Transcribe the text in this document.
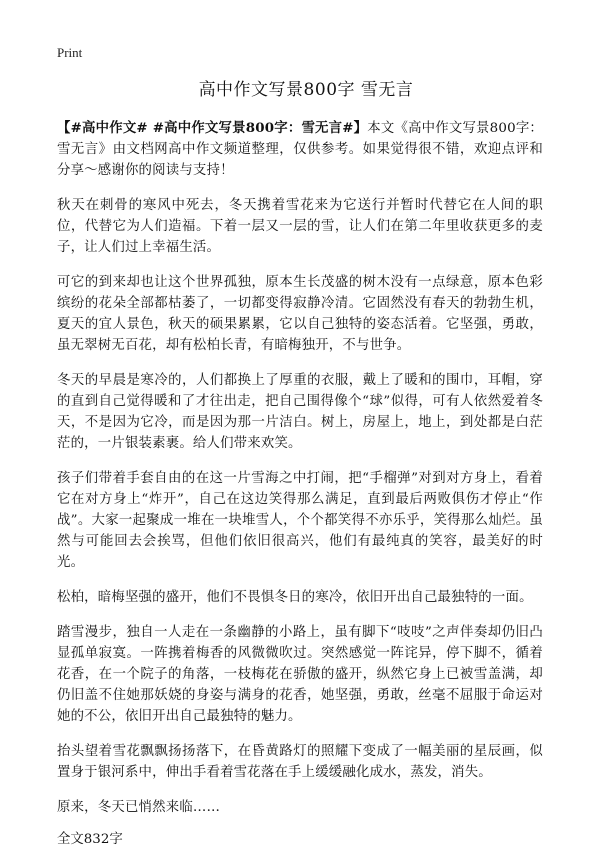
Print
高中作文写景800字 雪无言

【#高中作文# #高中作文写景800字：雪无言#】本文《高中作文写景800字：雪无言》由文档网高中作文频道整理，仅供参考。如果觉得很不错，欢迎点评和分享～感谢你的阅读与支持！

秋天在刺骨的寒风中死去，冬天携着雪花来为它送行并暂时代替它在人间的职位，代替它为人们造福。下着一层又一层的雪，让人们在第二年里收获更多的麦子，让人们过上幸福生活。

可它的到来却也让这个世界孤独，原本生长茂盛的树木没有一点绿意，原本色彩缤纷的花朵全部都枯萎了，一切都变得寂静冷清。它固然没有春天的勃勃生机，夏天的宜人景色，秋天的硕果累累，它以自己独特的姿态活着。它坚强，勇敢，虽无翠树无百花，却有松柏长青，有暗梅独开，不与世争。

冬天的早晨是寒冷的，人们都换上了厚重的衣服，戴上了暖和的围巾，耳帽，穿的直到自己觉得暖和了才往出走，把自己围得像个“球”似得，可有人依然爱着冬天，不是因为它冷，而是因为那一片洁白。树上，房屋上，地上，到处都是白茫茫的，一片银装素裹。给人们带来欢笑。

孩子们带着手套自由的在这一片雪海之中打闹，把“手榴弹”对到对方身上，看着它在对方身上“炸开”，自己在这边笑得那么满足，直到最后两败俱伤才停止“作战”。大家一起聚成一堆在一块堆雪人，个个都笑得不亦乐乎，笑得那么灿烂。虽然与可能回去会挨骂，但他们依旧很高兴，他们有最纯真的笑容，最美好的时光。

松柏，暗梅坚强的盛开，他们不畏惧冬日的寒冷，依旧开出自己最独特的一面。

踏雪漫步，独自一人走在一条幽静的小路上，虽有脚下“吱吱”之声伴奏却仍旧凸显孤单寂寞。一阵携着梅香的风微微吹过。突然感觉一阵诧异，停下脚不，循着花香，在一个院子的角落，一枝梅花在骄傲的盛开，纵然它身上已被雪盖满，却仍旧盖不住她那妖娆的身姿与满身的花香，她坚强，勇敢，丝毫不屈服于命运对她的不公，依旧开出自己最独特的魅力。

抬头望着雪花飘飘扬扬落下，在昏黄路灯的照耀下变成了一幅美丽的星辰画，似置身于银河系中，伸出手看着雪花落在手上缓缓融化成水，蒸发，消失。

原来，冬天已悄然来临……

全文832字
